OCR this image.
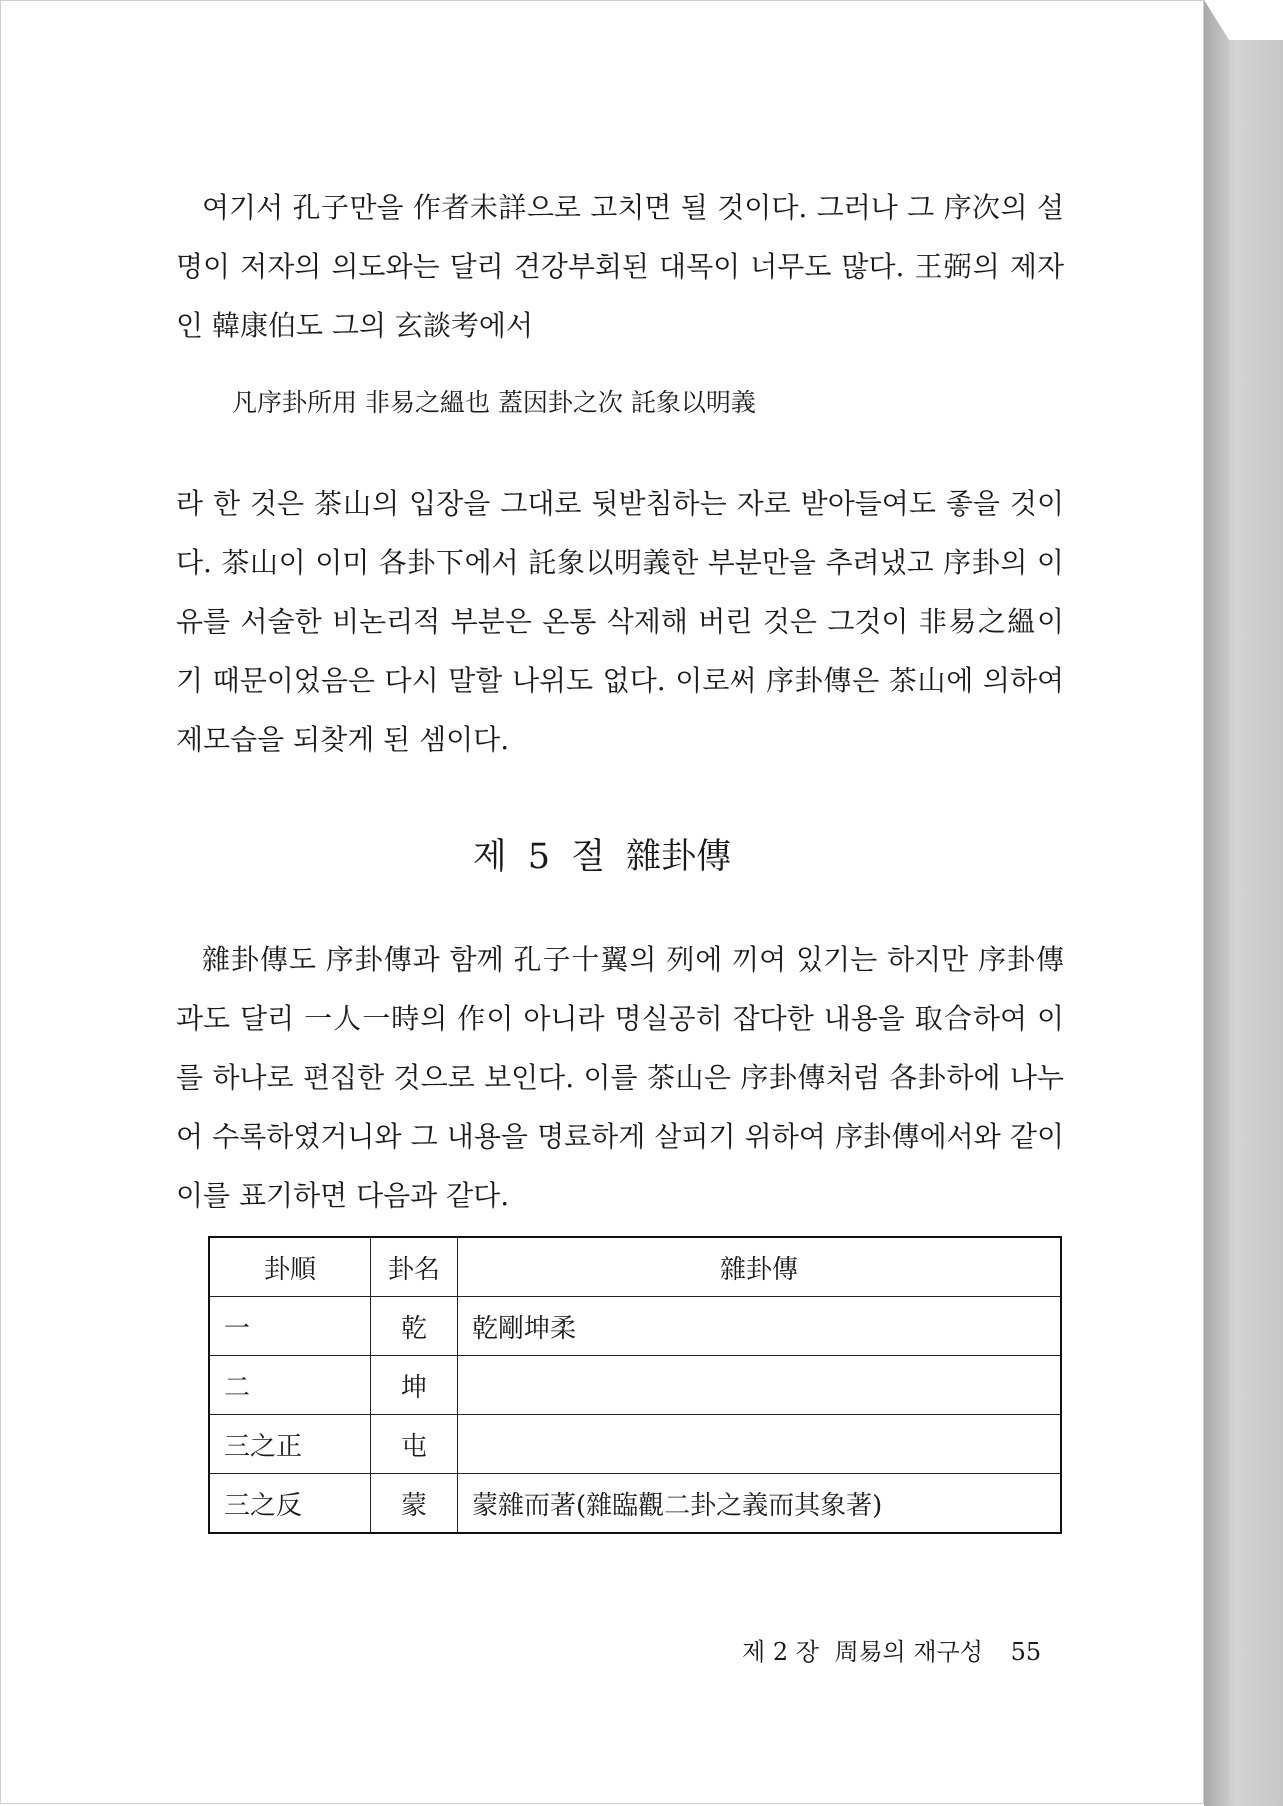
여기서 孔子만을 作者未詳으로 고치면 될 것이다. 그러나 그 序次의 설명이 저자의 의도와는 달리 견강부회된 대목이 너무도 많다. 王弼의 제자인 韓康伯도 그의 玄談考에서

凡序卦所用 非易之縕也 蓋因卦之次 託象以明義

라 한 것은 茶山의 입장을 그대로 뒷받침하는 자로 받아들여도 좋을 것이다. 茶山이 이미 各卦下에서 託象以明義한 부분만을 추려냈고 序卦의 이유를 서술한 비논리적 부분은 온통 삭제해 버린 것은 그것이 非易之縕이기 때문이었음은 다시 말할 나위도 없다. 이로써 序卦傳은 茶山에 의하여 제모습을 되찾게 된 셈이다.

제 5 절 雜卦傳

雜卦傳도 序卦傳과 함께 孔子十翼의 列에 끼여 있기는 하지만 序卦傳과도 달리 一人一時의 作이 아니라 명실공히 잡다한 내용을 取合하여 이를 하나로 편집한 것으로 보인다. 이를 茶山은 序卦傳처럼 各卦하에 나누어 수록하였거니와 그 내용을 명료하게 살피기 위하여 序卦傳에서와 같이 이를 표기하면 다음과 같다.

卦順	卦名	雜卦傳
一	乾	乾剛坤柔
二	坤	
三之正	屯	
三之反	蒙	蒙雜而著(雜臨觀二卦之義而其象著)
제 2 장 周易의 재구성 55
